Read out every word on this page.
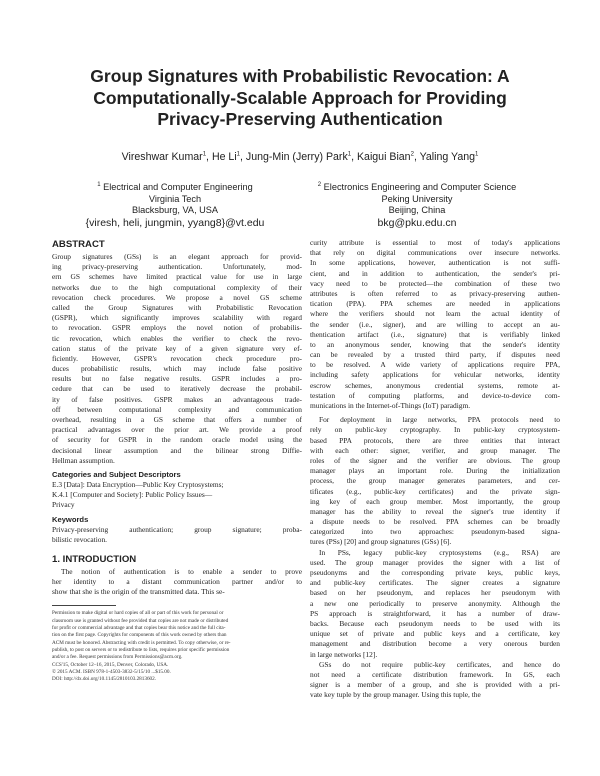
Group Signatures with Probabilistic Revocation: A
Computationally-Scalable Approach for Providing
Privacy-Preserving Authentication
Vireshwar Kumar$^1$, He Li$^1$, Jung-Min (Jerry) Park$^1$, Kaigui Bian$^2$, Yaling Yang$^1$
$^1$ Electrical and Computer Engineering
Virginia Tech
Blacksburg, VA, USA
{viresh, heli, jungmin, yyang8}@vt.edu
$^2$ Electronics Engineering and Computer Science
Peking University
Beijing, China
bkg@pku.edu.cn
ABSTRACT
Group signatures (GSs) is an elegant approach for provid-
ing privacy-preserving authentication. Unfortunately, mod-
ern GS schemes have limited practical value for use in large
networks due to the high computational complexity of their
revocation check procedures. We propose a novel GS scheme
called the Group Signatures with Probabilistic Revocation
(GSPR), which significantly improves scalability with regard
to revocation. GSPR employs the novel notion of probabilis-
tic revocation, which enables the verifier to check the revo-
cation status of the private key of a given signature very ef-
ficiently. However, GSPR's revocation check procedure pro-
duces probabilistic results, which may include false positive
results but no false negative results. GSPR includes a pro-
cedure that can be used to iteratively decrease the probabil-
ity of false positives. GSPR makes an advantageous trade-
off between computational complexity and communication
overhead, resulting in a GS scheme that offers a number of
practical advantages over the prior art. We provide a proof
of security for GSPR in the random oracle model using the
decisional linear assumption and the bilinear strong Diffie-
Hellman assumption.
Categories and Subject Descriptors
E.3 [Data]: Data Encryption—Public Key Cryptosystems;
K.4.1 [Computer and Society]: Public Policy Issues—
Privacy
Keywords
Privacy-preserving authentication; group signature; proba-
bilistic revocation.
1. INTRODUCTION
The notion of authentication is to enable a sender to prove
her identity to a distant communication partner and/or to
show that she is the origin of the transmitted data. This se-
Permission to make digital or hard copies of all or part of this work for personal or
classroom use is granted without fee provided that copies are not made or distributed
for profit or commercial advantage and that copies bear this notice and the full cita-
tion on the first page. Copyrights for components of this work owned by others than
ACM must be honored. Abstracting with credit is permitted. To copy otherwise, or re-
publish, to post on servers or to redistribute to lists, requires prior specific permission
and/or a fee. Request permissions from Permissions@acm.org.
CCS'15, October 12–16, 2015, Denver, Colorado, USA.
© 2015 ACM. ISBN 978-1-4503-3832-5/15/10 ...$15.00.
DOI: http://dx.doi.org/10.1145/2810103.2813602.
curity attribute is essential to most of today's applications
that rely on digital communications over insecure networks.
In some applications, however, authentication is not suffi-
cient, and in addition to authentication, the sender's pri-
vacy need to be protected—the combination of these two
attributes is often referred to as privacy-preserving authen-
tication (PPA). PPA schemes are needed in applications
where the verifiers should not learn the actual identity of
the sender (i.e., signer), and are willing to accept an au-
thentication artifact (i.e., signature) that is verifiably linked
to an anonymous sender, knowing that the sender's identity
can be revealed by a trusted third party, if disputes need
to be resolved. A wide variety of applications require PPA,
including safety applications for vehicular networks, identity
escrow schemes, anonymous credential systems, remote at-
testation of computing platforms, and device-to-device com-
munications in the Internet-of-Things (IoT) paradigm.
For deployment in large networks, PPA protocols need to
rely on public-key cryptography. In public-key cryptosystem-
based PPA protocols, there are three entities that interact
with each other: signer, verifier, and group manager. The
roles of the signer and the verifier are obvious. The group
manager plays an important role. During the initialization
process, the group manager generates parameters, and cer-
tificates (e.g., public-key certificates) and the private sign-
ing key of each group member. Most importantly, the group
manager has the ability to reveal the signer's true identity if
a dispute needs to be resolved. PPA schemes can be broadly
categorized into two approaches: pseudonym-based signa-
tures (PSs) [20] and group signatures (GSs) [6].
In PSs, legacy public-key cryptosystems (e.g., RSA) are
used. The group manager provides the signer with a list of
pseudonyms and the corresponding private keys, public keys,
and public-key certificates. The signer creates a signature
based on her pseudonym, and replaces her pseudonym with
a new one periodically to preserve anonymity. Although the
PS approach is straightforward, it has a number of draw-
backs. Because each pseudonym needs to be used with its
unique set of private and public keys and a certificate, key
management and distribution become a very onerous burden
in large networks [12].
GSs do not require public-key certificates, and hence do
not need a certificate distribution framework. In GS, each
signer is a member of a group, and she is provided with a pri-
vate key tuple by the group manager. Using this tuple, the
